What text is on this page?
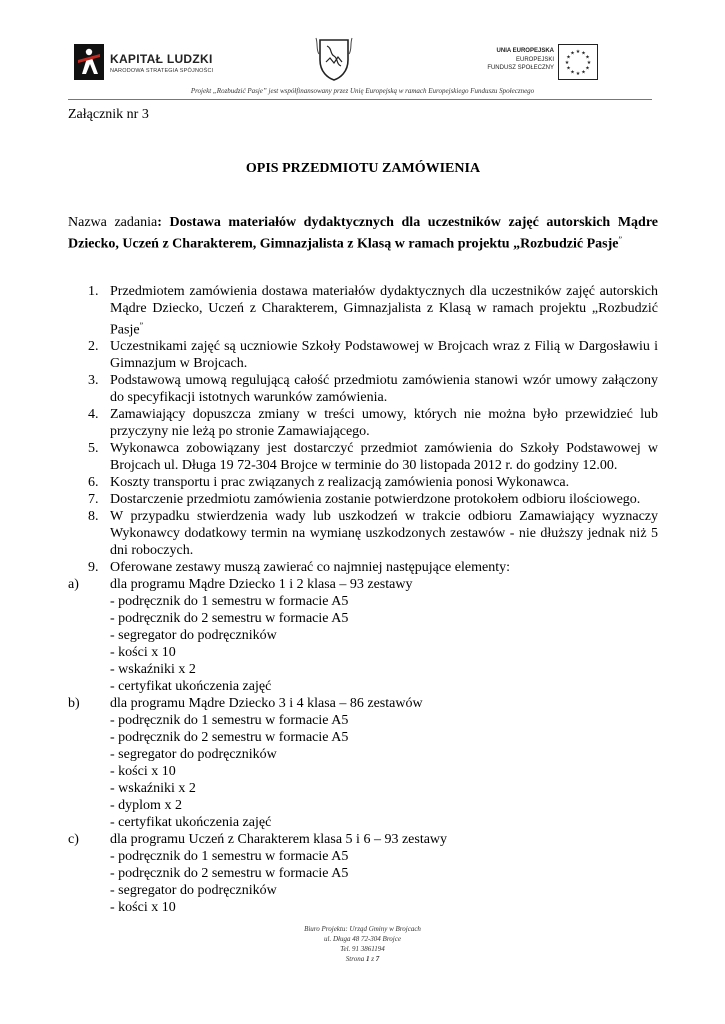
KAPITAŁ LUDZKI
NARODOWA STRATEGIA SPÓJNOŚCI
UNIA EUROPEJSKA
EUROPEJSKI
FUNDUSZ SPOŁECZNY
★ ★
★
★
★
★
★
★
★
★
★
★
Projekt „Rozbudzić Pasje” jest współfinansowany przez Unię Europejską w ramach Europejskiego Funduszu Społecznego
Załącznik nr 3
OPIS PRZEDMIOTU ZAMÓWIENIA
Nazwa zadania: Dostawa materiałów dydaktycznych dla uczestników zajęć autorskich Mądre Dziecko, Uczeń z Charakterem, Gimnazjalista z Klasą w ramach projektu „Rozbudzić Pasje”
1. Przedmiotem zamówienia dostawa materiałów dydaktycznych dla uczestników zajęć autorskich Mądre Dziecko, Uczeń z Charakterem, Gimnazjalista z Klasą w ramach projektu „Rozbudzić Pasje”
2. Uczestnikami zajęć są uczniowie Szkoły Podstawowej w Brojcach wraz z Filią w Dargosławiu i Gimnazjum w Brojcach.
3. Podstawową umową regulującą całość przedmiotu zamówienia stanowi wzór umowy załączony do specyfikacji istotnych warunków zamówienia.
4. Zamawiający dopuszcza zmiany w treści umowy, których nie można było przewidzieć lub przyczyny nie leżą po stronie Zamawiającego.
5. Wykonawca zobowiązany jest dostarczyć przedmiot zamówienia do Szkoły Podstawowej w Brojcach ul. Długa 19 72-304 Brojce w terminie do 30 listopada 2012 r. do godziny 12.00.
6. Koszty transportu i prac związanych z realizacją zamówienia ponosi Wykonawca.
7. Dostarczenie przedmiotu zamówienia zostanie potwierdzone protokołem odbioru ilościowego.
8. W przypadku stwierdzenia wady lub uszkodzeń w trakcie odbioru Zamawiający wyznaczy Wykonawcy dodatkowy termin na wymianę uszkodzonych zestawów - nie dłuższy jednak niż 5 dni roboczych.
9. Oferowane zestawy muszą zawierać co najmniej następujące elementy:
a) dla programu Mądre Dziecko 1 i 2 klasa – 93 zestawy
- podręcznik do 1 semestru w formacie A5
- podręcznik do 2 semestru w formacie A5
- segregator do podręczników
- kości x 10
- wskaźniki x 2
- certyfikat ukończenia zajęć
b) dla programu Mądre Dziecko 3 i 4 klasa – 86 zestawów
- podręcznik do 1 semestru w formacie A5
- podręcznik do 2 semestru w formacie A5
- segregator do podręczników
- kości x 10
- wskaźniki x 2
- dyplom x 2
- certyfikat ukończenia zajęć
c) dla programu Uczeń z Charakterem klasa 5 i 6 – 93 zestawy
- podręcznik do 1 semestru w formacie A5
- podręcznik do 2 semestru w formacie A5
- segregator do podręczników
- kości x 10
Biuro Projektu: Urząd Gminy w Brojcach
ul. Długa 48 72-304 Brojce
Tel. 91 3861194
Strona 1 z 7
